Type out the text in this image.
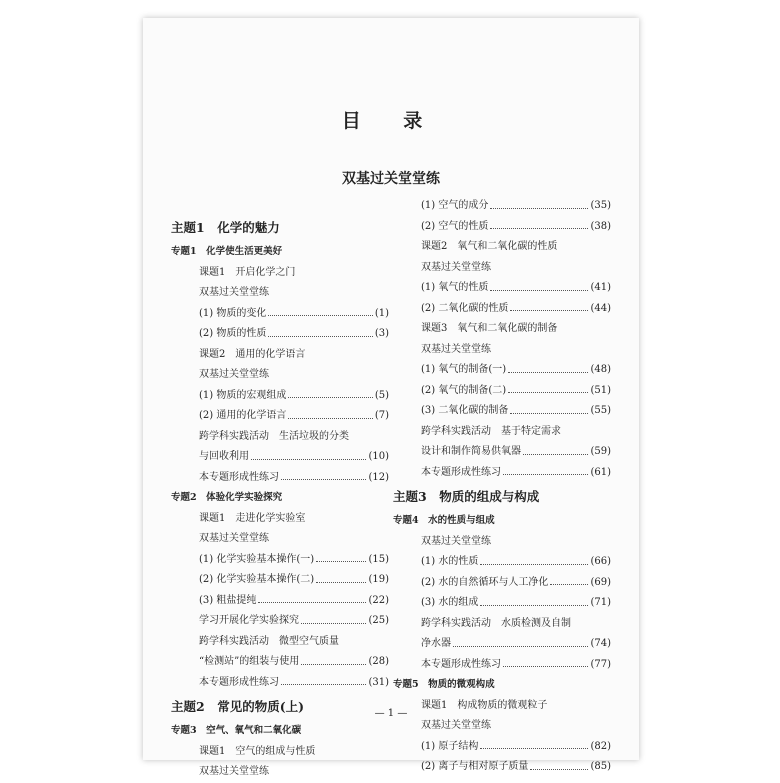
目 录
双基过关堂堂练
主题1　化学的魅力
专题1　化学使生活更美好
课题1　开启化学之门
双基过关堂堂练
(1) 物质的变化	(1)
(2) 物质的性质	(3)
课题2　通用的化学语言
双基过关堂堂练
(1) 物质的宏观组成	(5)
(2) 通用的化学语言	(7)
跨学科实践活动　生活垃圾的分类
与回收利用	(10)
本专题形成性练习	(12)
专题2　体验化学实验探究
课题1　走进化学实验室
双基过关堂堂练
(1) 化学实验基本操作(一)	(15)
(2) 化学实验基本操作(二)	(19)
(3) 粗盐提纯	(22)
学习开展化学实验探究	(25)
跨学科实践活动　微型空气质量
“检测站”的组装与使用	(28)
本专题形成性练习	(31)
主题2　常见的物质(上)
专题3　空气、氧气和二氧化碳
课题1　空气的组成与性质
双基过关堂堂练
(1) 空气的成分	(35)
(2) 空气的性质	(38)
课题2　氧气和二氧化碳的性质
双基过关堂堂练
(1) 氧气的性质	(41)
(2) 二氧化碳的性质	(44)
课题3　氧气和二氧化碳的制备
双基过关堂堂练
(1) 氧气的制备(一)	(48)
(2) 氧气的制备(二)	(51)
(3) 二氧化碳的制备	(55)
跨学科实践活动　基于特定需求
设计和制作简易供氧器	(59)
本专题形成性练习	(61)
主题3　物质的组成与构成
专题4　水的性质与组成
双基过关堂堂练
(1) 水的性质	(66)
(2) 水的自然循环与人工净化	(69)
(3) 水的组成	(71)
跨学科实践活动　水质检测及自制
净水器	(74)
本专题形成性练习	(77)
专题5　物质的微观构成
课题1　构成物质的微观粒子
双基过关堂堂练
(1) 原子结构	(82)
(2) 离子与相对原子质量	(85)
— 1 —
